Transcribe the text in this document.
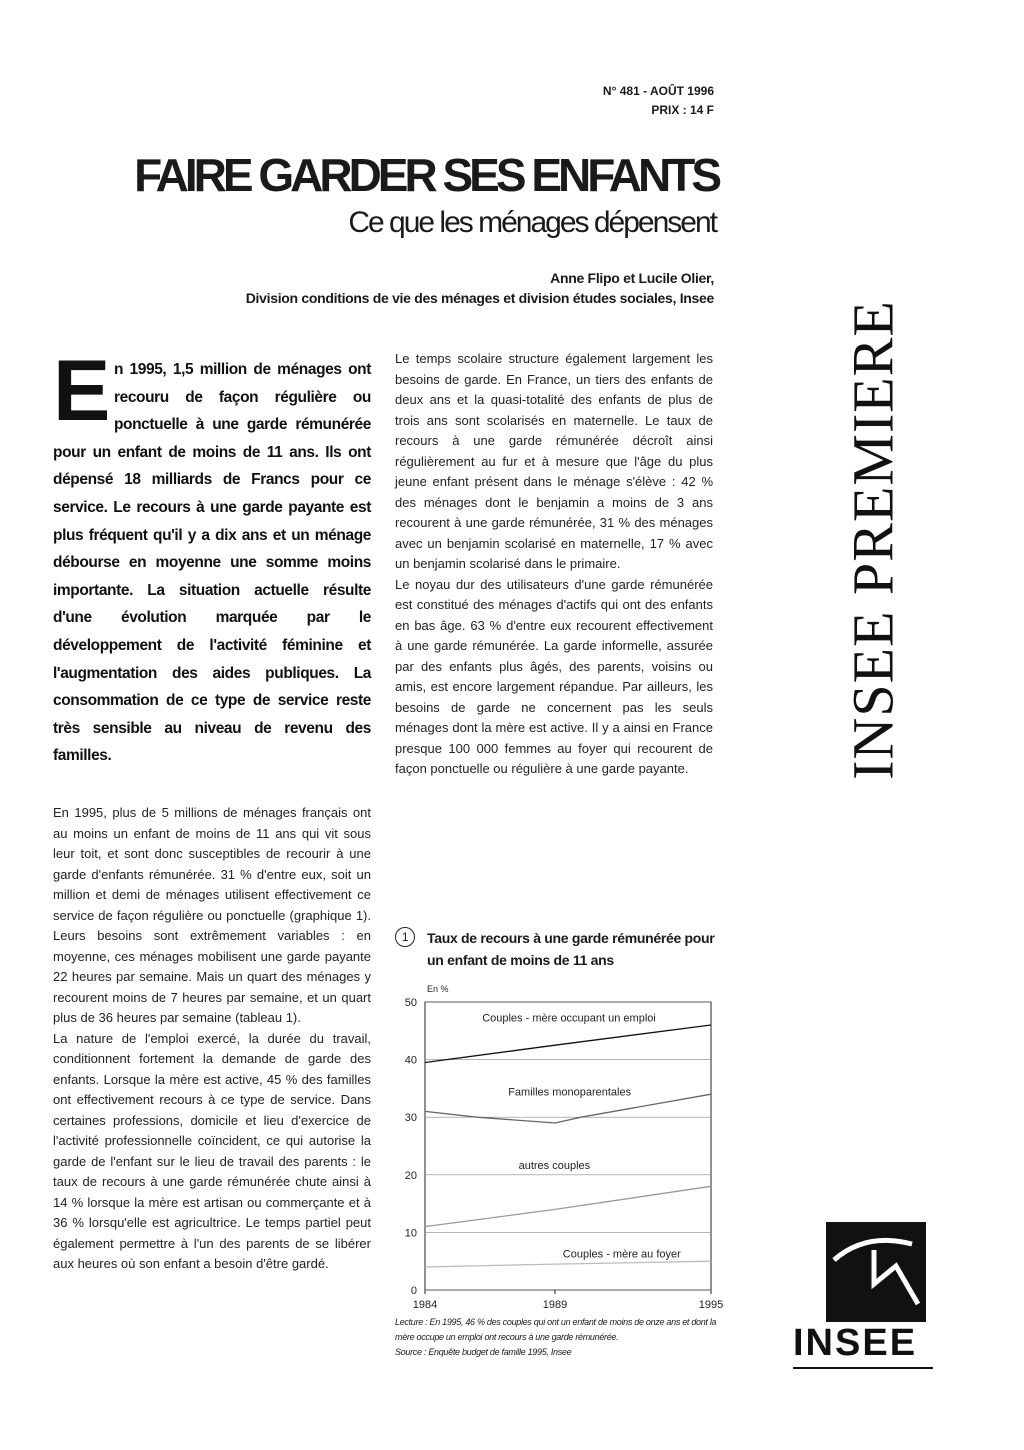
N° 481 - AOÛT 1996
PRIX : 14 F
FAIRE GARDER SES ENFANTS
Ce que les ménages dépensent
Anne Flipo et Lucile Olier,
Division conditions de vie des ménages et division études sociales, Insee
En 1995, 1,5 million de ménages ont recouru de façon régulière ou ponctuelle à une garde rémunérée pour un enfant de moins de 11 ans. Ils ont dépensé 18 milliards de Francs pour ce service. Le recours à une garde payante est plus fréquent qu'il y a dix ans et un ménage débourse en moyenne une somme moins importante. La situation actuelle résulte d'une évolution marquée par le développement de l'activité féminine et l'augmentation des aides publiques. La consommation de ce type de service reste très sensible au niveau de revenu des familles.

En 1995, plus de 5 millions de ménages français ont au moins un enfant de moins de 11 ans qui vit sous leur toit, et sont donc susceptibles de recourir à une garde d'enfants rémunérée. 31 % d'entre eux, soit un million et demi de ménages utilisent effectivement ce service de façon régulière ou ponctuelle (graphique 1). Leurs besoins sont extrêmement variables : en moyenne, ces ménages mobilisent une garde payante 22 heures par semaine. Mais un quart des ménages y recourent moins de 7 heures par semaine, et un quart plus de 36 heures par semaine (tableau 1).

La nature de l'emploi exercé, la durée du travail, conditionnent fortement la demande de garde des enfants. Lorsque la mère est active, 45 % des familles ont effectivement recours à ce type de service. Dans certaines professions, domicile et lieu d'exercice de l'activité professionnelle coïncident, ce qui autorise la garde de l'enfant sur le lieu de travail des parents : le taux de recours à une garde rémunérée chute ainsi à 14 % lorsque la mère est artisan ou commerçante et à 36 % lorsqu'elle est agricultrice. Le temps partiel peut également permettre à l'un des parents de se libérer aux heures où son enfant a besoin d'être gardé.

Le temps scolaire structure également largement les besoins de garde. En France, un tiers des enfants de deux ans et la quasi-totalité des enfants de plus de trois ans sont scolarisés en maternelle. Le taux de recours à une garde rémunérée décroît ainsi régulièrement au fur et à mesure que l'âge du plus jeune enfant présent dans le ménage s'élève : 42 % des ménages dont le benjamin a moins de 3 ans recourent à une garde rémunérée, 31 % des ménages avec un benjamin scolarisé en maternelle, 17 % avec un benjamin scolarisé dans le primaire.

Le noyau dur des utilisateurs d'une garde rémunérée est constitué des ménages d'actifs qui ont des enfants en bas âge. 63 % d'entre eux recourent effectivement à une garde rémunérée. La garde informelle, assurée par des enfants plus âgés, des parents, voisins ou amis, est encore largement répandue. Par ailleurs, les besoins de garde ne concernent pas les seuls ménages dont la mère est active. Il y a ainsi en France presque 100 000 femmes au foyer qui recourent de façon ponctuelle ou régulière à une garde payante.

1 Taux de recours à une garde rémunérée pour un enfant de moins de 11 ans
0
10
20
30
40
50
1984	1989	1995
En %
Couples - mère occupant un emploi
Familles monoparentales
autres couples
Couples - mère au foyer
Lecture : En 1995, 46 % des couples qui ont un enfant de moins de onze ans et dont la mère occupe un emploi ont recours à une garde rémunérée.
Source : Enquête budget de famille 1995, Insee
INSEE PREMIERE
INSEE
